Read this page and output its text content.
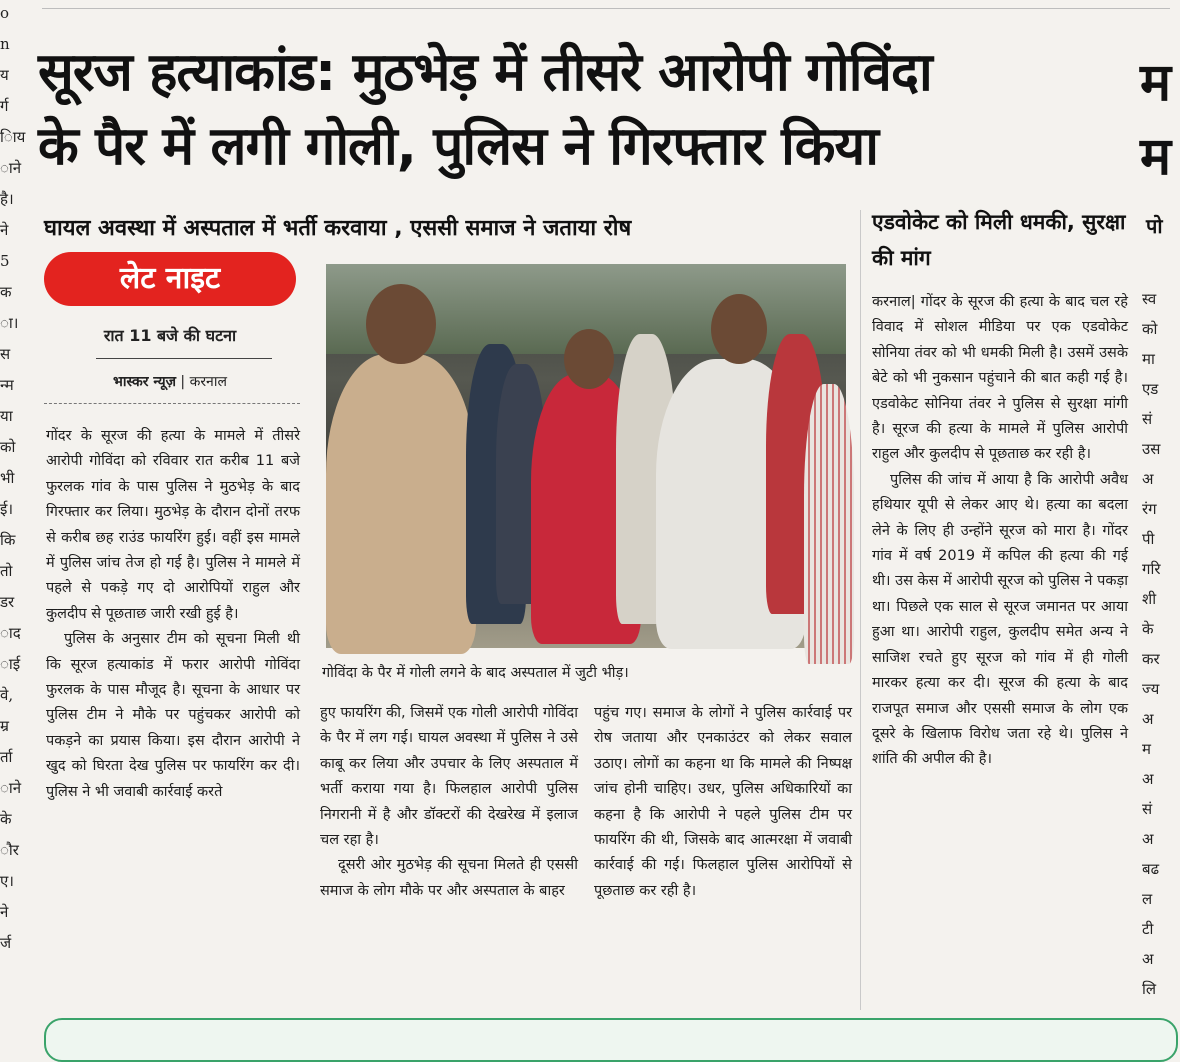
o
n
य
र्ग
ािय
ाने
है।
ने
5
क
ा।
स
न्म
या
को
भी
ई।
कि
तो
डर
ाद
ाई
वे,
म्र
र्ता
ाने
के
ौर
ए।
ने
र्ज
स्व
को
मा
एड
सं
उस
अ
रंग
पी
गरि
शी
के
कर
ज्य
अ
म
अ
सं
अ
बढ
ल
टी
अ
लि
सूरज हत्याकांड: मुठभेड़ में तीसरे आरोपी गोविंदा
के पैर में लगी गोली, पुलिस ने गिरफ्तार किया
म
म
घायल अवस्था में अस्पताल में भर्ती करवाया , एससी समाज ने जताया रोष	पो
लेट नाइट
रात 11 बजे की घटना
भास्कर न्यूज़ | करनाल

गोंदर के सूरज की हत्या के मामले में तीसरे आरोपी गोविंदा को रविवार रात करीब 11 बजे फुरलक गांव के पास पुलिस ने मुठभेड़ के बाद गिरफ्तार कर लिया। मुठभेड़ के दौरान दोनों तरफ से करीब छह राउंड फायरिंग हुई। वहीं इस मामले में पुलिस जांच तेज हो गई है। पुलिस ने मामले में पहले से पकड़े गए दो आरोपियों राहुल और कुलदीप से पूछताछ जारी रखी हुई है।

पुलिस के अनुसार टीम को सूचना मिली थी कि सूरज हत्याकांड में फरार आरोपी गोविंदा फुरलक के पास मौजूद है। सूचना के आधार पर पुलिस टीम ने मौके पर पहुंचकर आरोपी को पकड़ने का प्रयास किया। इस दौरान आरोपी ने खुद को घिरता देख पुलिस पर फायरिंग कर दी। पुलिस ने भी जवाबी कार्रवाई करते

गोविंदा के पैर में गोली लगने के बाद अस्पताल में जुटी भीड़।

हुए फायरिंग की, जिसमें एक गोली आरोपी गोविंदा के पैर में लग गई। घायल अवस्था में पुलिस ने उसे काबू कर लिया और उपचार के लिए अस्पताल में भर्ती कराया गया है। फिलहाल आरोपी पुलिस निगरानी में है और डॉक्टरों की देखरेख में इलाज चल रहा है।

दूसरी ओर मुठभेड़ की सूचना मिलते ही एससी समाज के लोग मौके पर और अस्पताल के बाहर

पहुंच गए। समाज के लोगों ने पुलिस कार्रवाई पर रोष जताया और एनकाउंटर को लेकर सवाल उठाए। लोगों का कहना था कि मामले की निष्पक्ष जांच होनी चाहिए। उधर, पुलिस अधिकारियों का कहना है कि आरोपी ने पहले पुलिस टीम पर फायरिंग की थी, जिसके बाद आत्मरक्षा में जवाबी कार्रवाई की गई। फिलहाल पुलिस आरोपियों से पूछताछ कर रही है।

एडवोकेट को मिली धमकी, सुरक्षा की मांग

करनाल| गोंदर के सूरज की हत्या के बाद चल रहे विवाद में सोशल मीडिया पर एक एडवोकेट सोनिया तंवर को भी धमकी मिली है। उसमें उसके बेटे को भी नुकसान पहुंचाने की बात कही गई है। एडवोकेट सोनिया तंवर ने पुलिस से सुरक्षा मांगी है। सूरज की हत्या के मामले में पुलिस आरोपी राहुल और कुलदीप से पूछताछ कर रही है।

पुलिस की जांच में आया है कि आरोपी अवैध हथियार यूपी से लेकर आए थे। हत्या का बदला लेने के लिए ही उन्होंने सूरज को मारा है। गोंदर गांव में वर्ष 2019 में कपिल की हत्या की गई थी। उस केस में आरोपी सूरज को पुलिस ने पकड़ा था। पिछले एक साल से सूरज जमानत पर आया हुआ था। आरोपी राहुल, कुलदीप समेत अन्य ने साजिश रचते हुए सूरज को गांव में ही गोली मारकर हत्या कर दी। सूरज की हत्या के बाद राजपूत समाज और एससी समाज के लोग एक दूसरे के खिलाफ विरोध जता रहे थे। पुलिस ने शांति की अपील की है।
